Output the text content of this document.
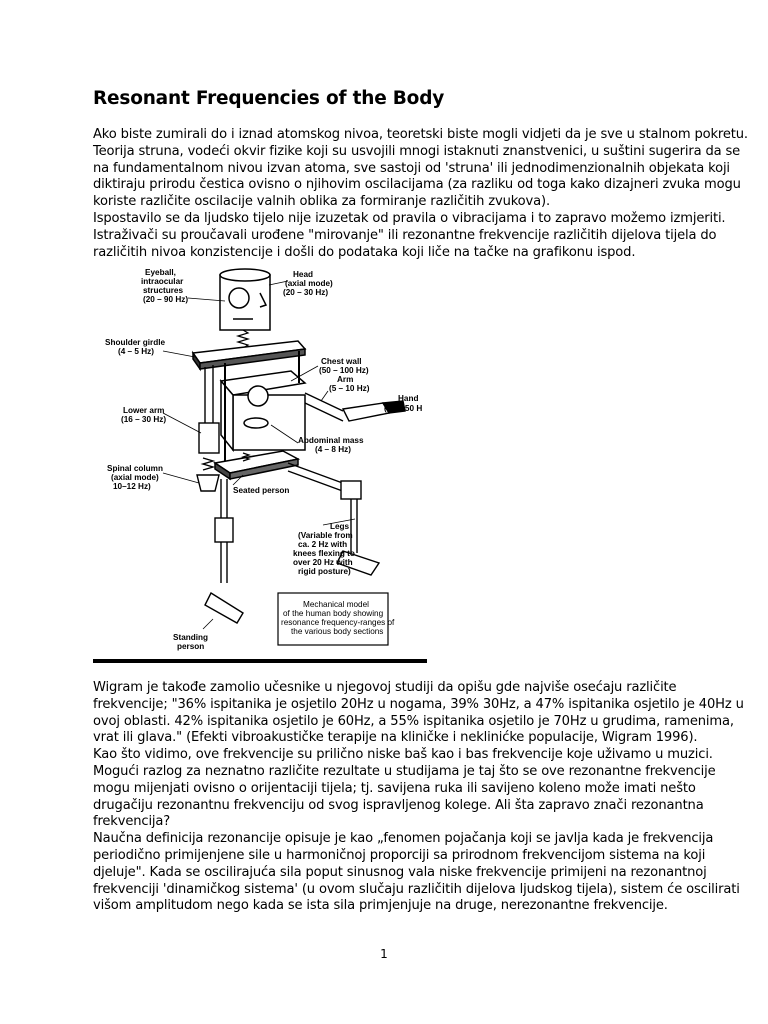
Resonant Frequencies of the Body
Ako biste zumirali do i iznad atomskog nivoa, teoretski biste mogli vidjeti da je sve u stalnom pokretu.
Teorija struna, vodeći okvir fizike koji su usvojili mnogi istaknuti znanstvenici, u suštini sugerira da se
na fundamentalnom nivou izvan atoma, sve sastoji od 'struna' ili jednodimenzionalnih objekata koji
diktiraju prirodu čestica ovisno o njihovim oscilacijama (za razliku od toga kako dizajneri zvuka mogu
koriste različite oscilacije valnih oblika za formiranje različitih zvukova).
Ispostavilo se da ljudsko tijelo nije izuzetak od pravila o vibracijama i to zapravo možemo izmjeriti.
Istraživači su proučavali urođene "mirovanje" ili rezonantne frekvencije različitih dijelova tijela do
različitih nivoa konzistencije i došli do podataka koji liče na tačke na grafikonu ispod.
Eyeball, intraocular structures (20 – 90 Hz)
Head (axial mode) (20 – 30 Hz)
Shoulder girdle (4 – 5 Hz)
Chest wall (50 – 100 Hz)
Arm (5 – 10 Hz)
Hand (30 – 50 H
Lower arm (16 – 30 Hz)
Abdominal mass (4 – 8 Hz)
Spinal column (axial mode) 10–12 Hz)	Seated person
Legs (Variable from ca. 2 Hz with knees flexing to over 20 Hz with rigid posture)
Standing person
Mechanical model of the human body showing resonance frequency-ranges of the various body sections
Wigram je takođe zamolio učesnike u njegovoj studiji da opišu gde najviše osećaju različite
frekvencije; "36% ispitanika je osjetilo 20Hz u nogama, 39% 30Hz, a 47% ispitanika osjetilo je 40Hz u
ovoj oblasti. 42% ispitanika osjetilo je 60Hz, a 55% ispitanika osjetilo je 70Hz u grudima, ramenima,
vrat ili glava." (Efekti vibroakustičke terapije na kliničke i neklinićke populacije, Wigram 1996).
Kao što vidimo, ove frekvencije su prilično niske baš kao i bas frekvencije koje uživamo u muzici.
Mogući razlog za neznatno različite rezultate u studijama je taj što se ove rezonantne frekvencije
mogu mijenjati ovisno o orijentaciji tijela; tj. savijena ruka ili savijeno koleno može imati nešto
drugačiju rezonantnu frekvenciju od svog ispravljenog kolege. Ali šta zapravo znači rezonantna
frekvencija?
Naučna definicija rezonancije opisuje je kao „fenomen pojačanja koji se javlja kada je frekvencija
periodično primijenjene sile u harmoničnoj proporciji sa prirodnom frekvencijom sistema na koji
djeluje". Kada se oscilirajuća sila poput sinusnog vala niske frekvencije primijeni na rezonantnoj
frekvenciji 'dinamičkog sistema' (u ovom slučaju različitih dijelova ljudskog tijela), sistem će oscilirati
višom amplitudom nego kada se ista sila primjenjuje na druge, nerezonantne frekvencije.
1
